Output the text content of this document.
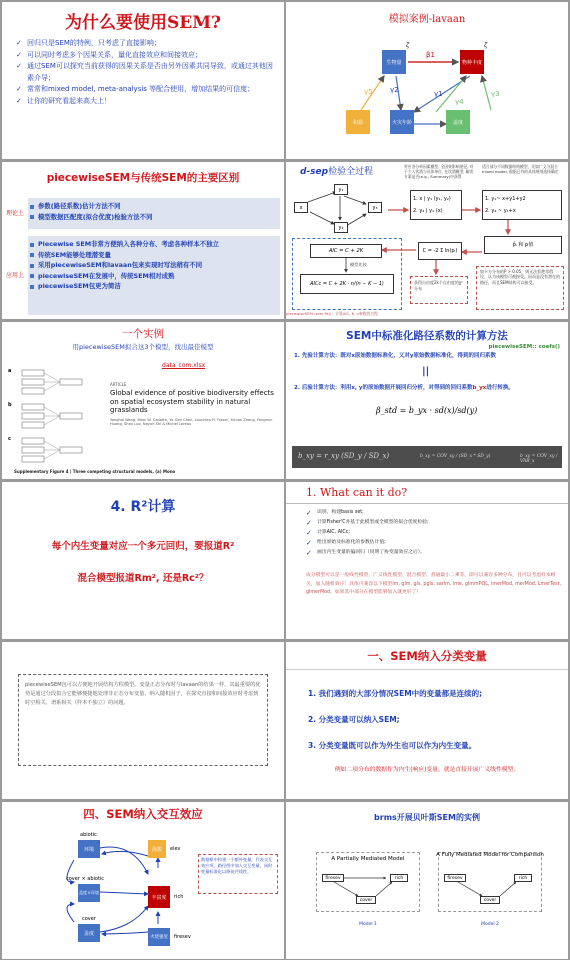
为什么要使用SEM?
✓ 回归只是SEM的特例，只考虑了直接影响；
✓ 可以同时考虑多个因果关系，量化直接效应和间接效应；
✓ 通过SEM可以探究当前获得的因果关系是否由另外因素共同导致，或通过其他因素介导；
✓ 常常和mixed model, meta-analysis 等配合使用，增加结果的可信度；
✓ 让你的研究看起来高大上！
模拟案例-lavaan
生物量	物种丰度
积温	火灾年龄	盖度
β1
γ1
γ2	γ3
γ4
γ5
ζ	ζ
piecewiseSEM与传统SEM的主要区别
理论上
参数(路径系数)估计方法不同
模型数据匹配度(拟合优度)检验方法不同
应用上
Piecewise SEM非常方便纳入各种分布、考虑各种样本不独立
传统SEM能够处理潜变量
采用piecewiseSEM和lavaan包来实现时写法稍有不同
piecewiseSEM在发展中，传统SEM相对成熟
piecewiseSEM包更为简洁
d-sep检验全过程
y₁
x	y₃
y₂
对应各分单因素模型, 全因果影响途径, 对于个人饮酒与具体单位, 在饮酒模型, 解决方案是否(e.g., Summary)中获得
适合部分不同数据结构模型，比如广义与混合 mixed model, 根据已有的具体规则选择确定
1. x | y₁ (y₁, y₂)
2. y₂ | y₁ (x)
1. y₁~ x+y1+y2
2. y₂ ~ y₁+x
C = -2 Σ ln(pᵢ)
p̂ᵢ 和 p值
AIC = C + 2K
模型比较
AICc = C + 2K · n/(n − K − 1)	获得自由度2k个自由度的χ²分布
如卡方分布的P > 0.05，则无法拒绝零假设，认为该模型可被接受，因而是没有潜在的路径，而且SEM结构可以接受。
piecewiseSEM::sem.fit()：计算AIC, K, n参数的过程
一个实例
用piecewiseSEM拟合这3个模型，找出最佳模型
data_com.xlsx
a
b
c
ARTICLE
Global evidence of positive biodiversity effects on spatial ecosystem stability in natural grasslands
Yonghai Wang, Marc W. Cadotte, Yu-Gen Chen, Lauchlan H. Fraser, Yuhuai Zhang, Fengmin Huang, Shan Luo, Nayun Shi & Michel Loreau
Supplementary Figure 4 | Three competing structural models, (a) Mono
SEM中标准化路径系数的计算方法
piecewiseSEM:: coefs()
1. 先验计算方法：既对x原始数据标准化，又对y原始数据标准化，得到的回归系数
||
2. 后验计算方法：利用x, y的原始数据开展回归分析，对得到的回归系数b_yx进行转换。
β_std = b_yx · sd(x)/sd(y)
b_xy = r_xy (SD_y / SD_x)	b_xy = COV_xy / (SD_x * SD_y)	b_xy = COV_xy / VAR_x
4. R²计算
每个内生变量对应一个多元回归，要报道R²
混合模型报道Rm², 还是Rc²？
1. What can it do?
✓ 识别、构建basis set;
✓ 计算Fisher'C并基于此模型或全模型的拟合优度检验;
✓ 计算AIC, AICc;
✓ 给出原始及标准化的参数估计值;
✓ 画出内生变量的偏回归（说明了协变量效应之后）。
成分模型可以是一般线性模型、广义线性模型、混合模型、普通最小二乘等。即可以兼容多种分布，且可以考虑样本相关，加入随机效应！具体可兼容以下模型lm, glm, gls, pgls, sarlm, lme, glmmPQL, lmerMod, merMod, LmerTest, glmerMod。如果其中部分在模型能够加入就更好了！
piecewiseSEM包可以方便地开展结构方程模型。变量正态分布时与lavaan的结果一样。其最重要的优势是通过分段拟合它能够便捷地处理非正态分布变量、纳入随机因子，在探究直接和间接效应时考虑到时空相关、谱系相关（样本不独立）的问题。
一、SEM纳入分类变量
1. 我们遇到的大部分情况SEM中的变量都是连续的;
2. 分类变量可以纳入SEM;
3. 分类变量既可以作为外生也可以作为内生变量。
例如二项分布的数据作为内生(响应)变量，就是直接开展广义线性模型。
四、SEM纳入交互效应
abiotic
环境
cover × abiotic
盖度×环境
cover
盖度
海拔	elev
丰富度	rich
火烧强度	firesev
数据框中构建一个额外变量，代表交互效应项，路径图中加入交互变量，同时变量标准化以降低共线性。
brms开展贝叶斯SEM的实例
A Partially Mediated Model
A Fully Mediated Model for Comparison
firesev	rich
cover
firesev	rich
cover
Model 1	Model 2
